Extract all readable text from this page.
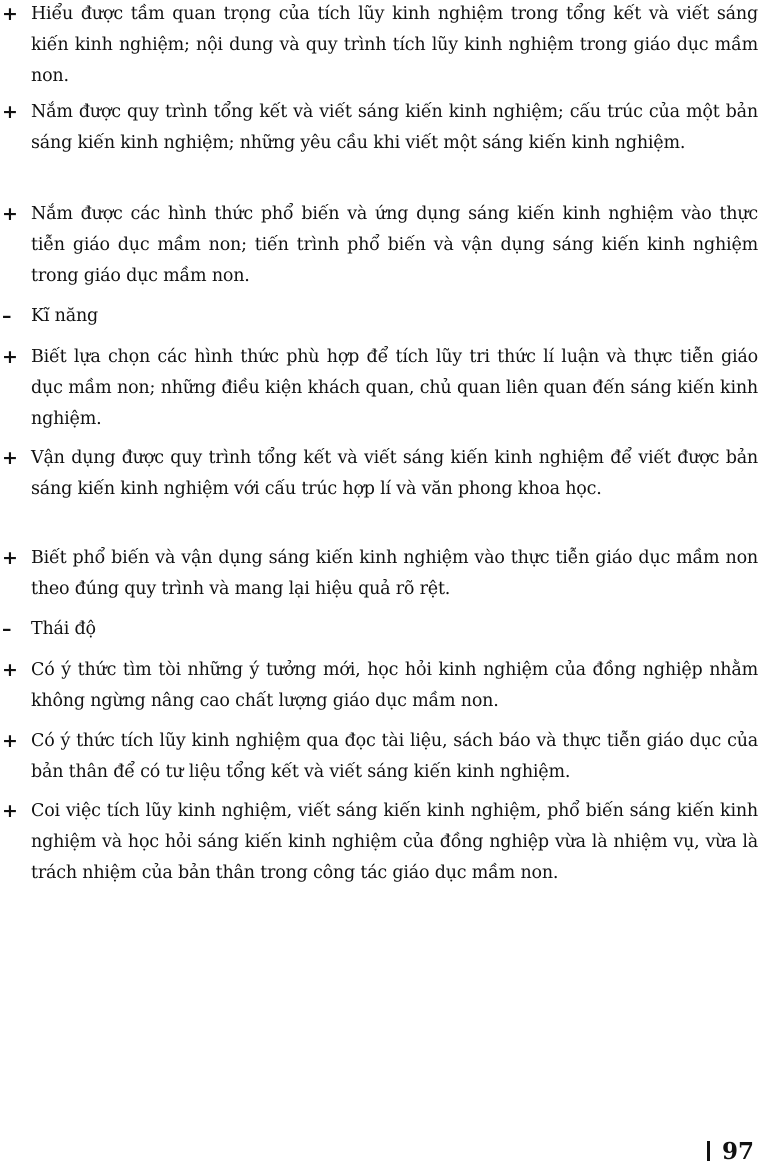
+ Hiểu được tầm quan trọng của tích lũy kinh nghiệm trong tổng kết và viết sáng kiến kinh nghiệm; nội dung và quy trình tích lũy kinh nghiệm trong giáo dục mầm non.

+ Nắm được quy trình tổng kết và viết sáng kiến kinh nghiệm; cấu trúc của một bản sáng kiến kinh nghiệm; những yêu cầu khi viết một sáng kiến kinh nghiệm.

+ Nắm được các hình thức phổ biến và ứng dụng sáng kiến kinh nghiệm vào thực tiễn giáo dục mầm non; tiến trình phổ biến và vận dụng sáng kiến kinh nghiệm trong giáo dục mầm non.

–	Kĩ năng

+ Biết lựa chọn các hình thức phù hợp để tích lũy tri thức lí luận và thực tiễn giáo dục mầm non; những điều kiện khách quan, chủ quan liên quan đến sáng kiến kinh nghiệm.

+ Vận dụng được quy trình tổng kết và viết sáng kiến kinh nghiệm để viết được bản sáng kiến kinh nghiệm với cấu trúc hợp lí và văn phong khoa học.

+ Biết phổ biến và vận dụng sáng kiến kinh nghiệm vào thực tiễn giáo dục mầm non theo đúng quy trình và mang lại hiệu quả rõ rệt.

–	Thái độ

+ Có ý thức tìm tòi những ý tưởng mới, học hỏi kinh nghiệm của đồng nghiệp nhằm không ngừng nâng cao chất lượng giáo dục mầm non.

+ Có ý thức tích lũy kinh nghiệm qua đọc tài liệu, sách báo và thực tiễn giáo dục của bản thân để có tư liệu tổng kết và viết sáng kiến kinh nghiệm.

+ Coi việc tích lũy kinh nghiệm, viết sáng kiến kinh nghiệm, phổ biến sáng kiến kinh nghiệm và học hỏi sáng kiến kinh nghiệm của đồng nghiệp vừa là nhiệm vụ, vừa là trách nhiệm của bản thân trong công tác giáo dục mầm non.

97
